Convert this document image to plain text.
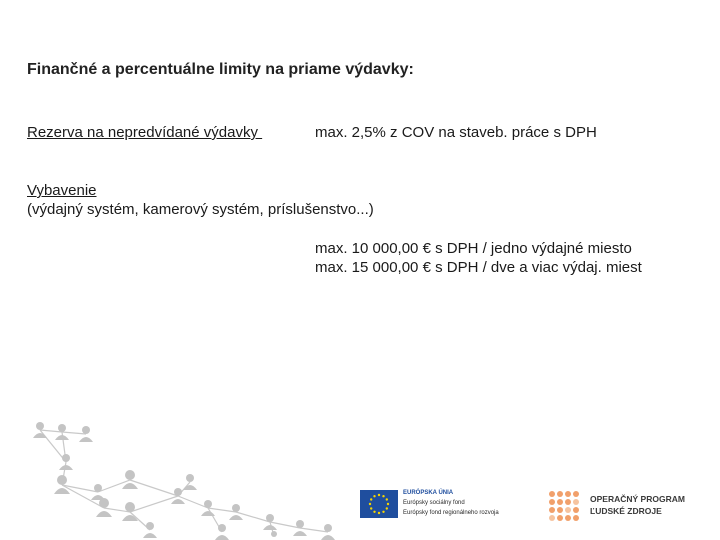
Finančné a percentuálne limity na priame výdavky:
Rezerva na nepredvídané výdavky	max. 2,5% z COV na staveb. práce s DPH
Vybavenie
(výdajný systém, kamerový systém, príslušenstvo...)
max. 10 000,00 € s DPH / jedno výdajné miesto
max. 15 000,00 € s DPH / dve a viac výdaj. miest
EURÓPSKA ÚNIA
Európsky sociálny fond
Európsky fond regionálneho rozvoja
OPERAČNÝ PROGRAM
ĽUDSKÉ ZDROJE
